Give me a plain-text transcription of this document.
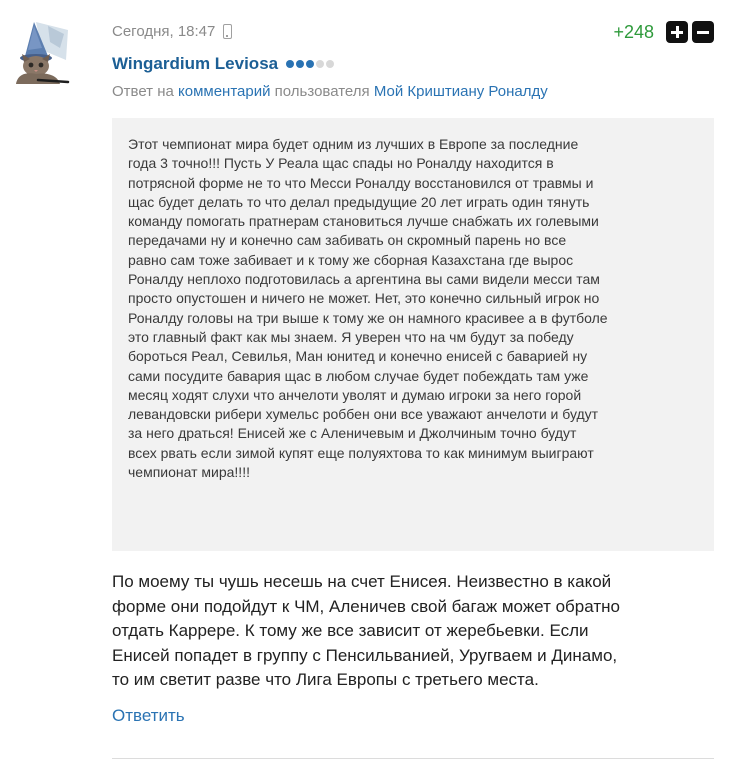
Сегодня, 18:47	+248
Wingardium Leviosa
Ответ на комментарий пользователя Мой Криштиану Роналду

Этот чемпионат мира будет одним из лучших в Европе за последние
года 3 точно!!! Пусть У Реала щас спады но Роналду находится в
потрясной форме не то что Месси Роналду восстановился от травмы и
щас будет делать то что делал предыдущие 20 лет играть один тянуть
команду помогать пратнерам становиться лучше снабжать их голевыми
передачами ну и конечно сам забивать он скромный парень но все
равно сам тоже забивает и к тому же сборная Казахстана где вырос
Роналду неплохо подготовилась а аргентина вы сами видели месси там
просто опустошен и ничего не может. Нет, это конечно сильный игрок но
Роналду головы на три выше к тому же он намного красивее а в футболе
это главный факт как мы знаем. Я уверен что на чм будут за победу
бороться Реал, Севилья, Ман юнитед и конечно енисей с баварией ну
сами посудите бавария щас в любом случае будет побеждать там уже
месяц ходят слухи что анчелоти уволят и думаю игроки за него горой
левандовски рибери хумельс роббен они все уважают анчелоти и будут
за него драться! Енисей же с Аленичевым и Джолчиным точно будут
всех рвать если зимой купят еще полуяхтова то как минимум выиграют
чемпионат мира!!!!

По моему ты чушь несешь на счет Енисея. Неизвестно в какой
форме они подойдут к ЧМ, Аленичев свой багаж может обратно
отдать Каррере. К тому же все зависит от жеребьевки. Если
Енисей попадет в группу с Пенсильванией, Уругваем и Динамо,
то им светит разве что Лига Европы с третьего места.

Ответить
